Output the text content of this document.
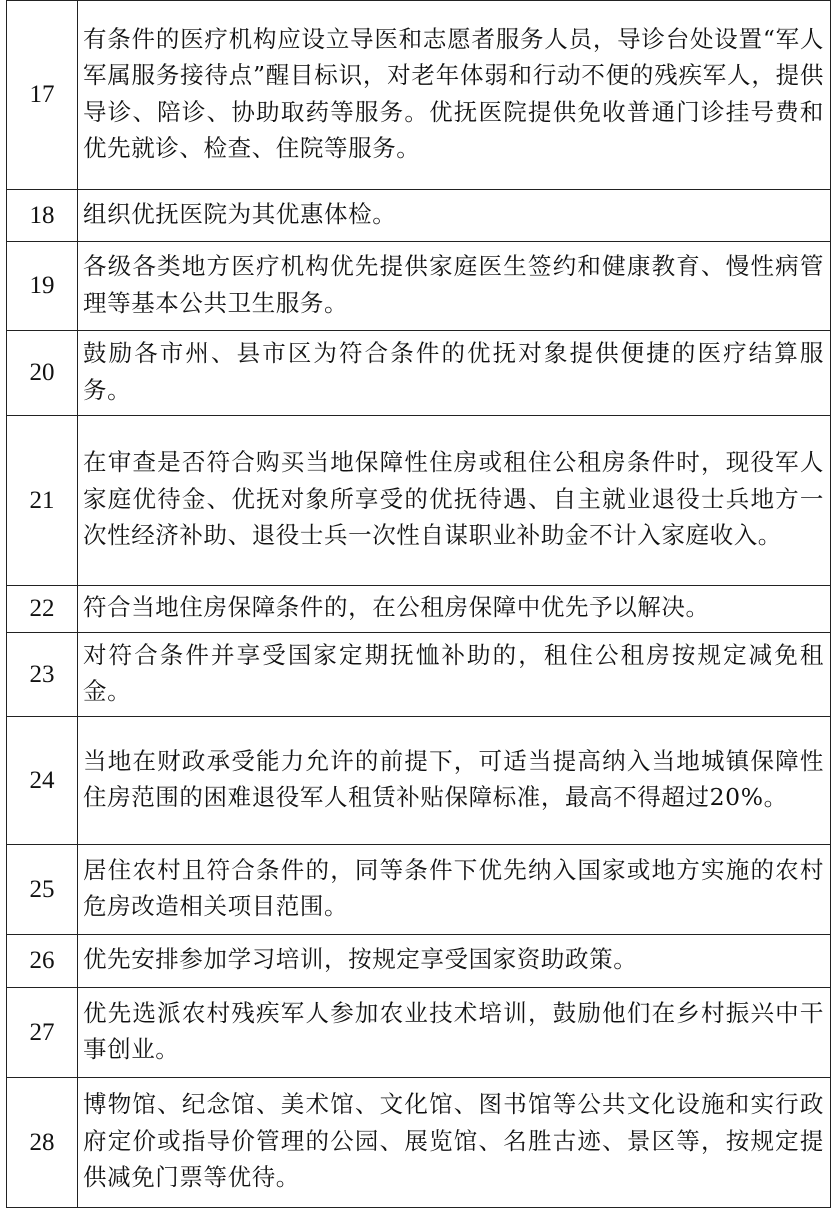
17	有条件的医疗机构应设立导医和志愿者服务人员，导诊台处设置“军人军属服务接待点”醒目标识，对老年体弱和行动不便的残疾军人，提供导诊、陪诊、协助取药等服务。优抚医院提供免收普通门诊挂号费和优先就诊、检查、住院等服务。
18	组织优抚医院为其优惠体检。
19	各级各类地方医疗机构优先提供家庭医生签约和健康教育、慢性病管理等基本公共卫生服务。
20	鼓励各市州、县市区为符合条件的优抚对象提供便捷的医疗结算服务。
21	在审查是否符合购买当地保障性住房或租住公租房条件时，现役军人家庭优待金、优抚对象所享受的优抚待遇、自主就业退役士兵地方一次性经济补助、退役士兵一次性自谋职业补助金不计入家庭收入。
22	符合当地住房保障条件的，在公租房保障中优先予以解决。
23	对符合条件并享受国家定期抚恤补助的，租住公租房按规定减免租金。
24	当地在财政承受能力允许的前提下，可适当提高纳入当地城镇保障性住房范围的困难退役军人租赁补贴保障标准，最高不得超过20%。
25	居住农村且符合条件的，同等条件下优先纳入国家或地方实施的农村危房改造相关项目范围。
26	优先安排参加学习培训，按规定享受国家资助政策。
27	优先选派农村残疾军人参加农业技术培训，鼓励他们在乡村振兴中干事创业。
28	博物馆、纪念馆、美术馆、文化馆、图书馆等公共文化设施和实行政府定价或指导价管理的公园、展览馆、名胜古迹、景区等，按规定提供减免门票等优待。
